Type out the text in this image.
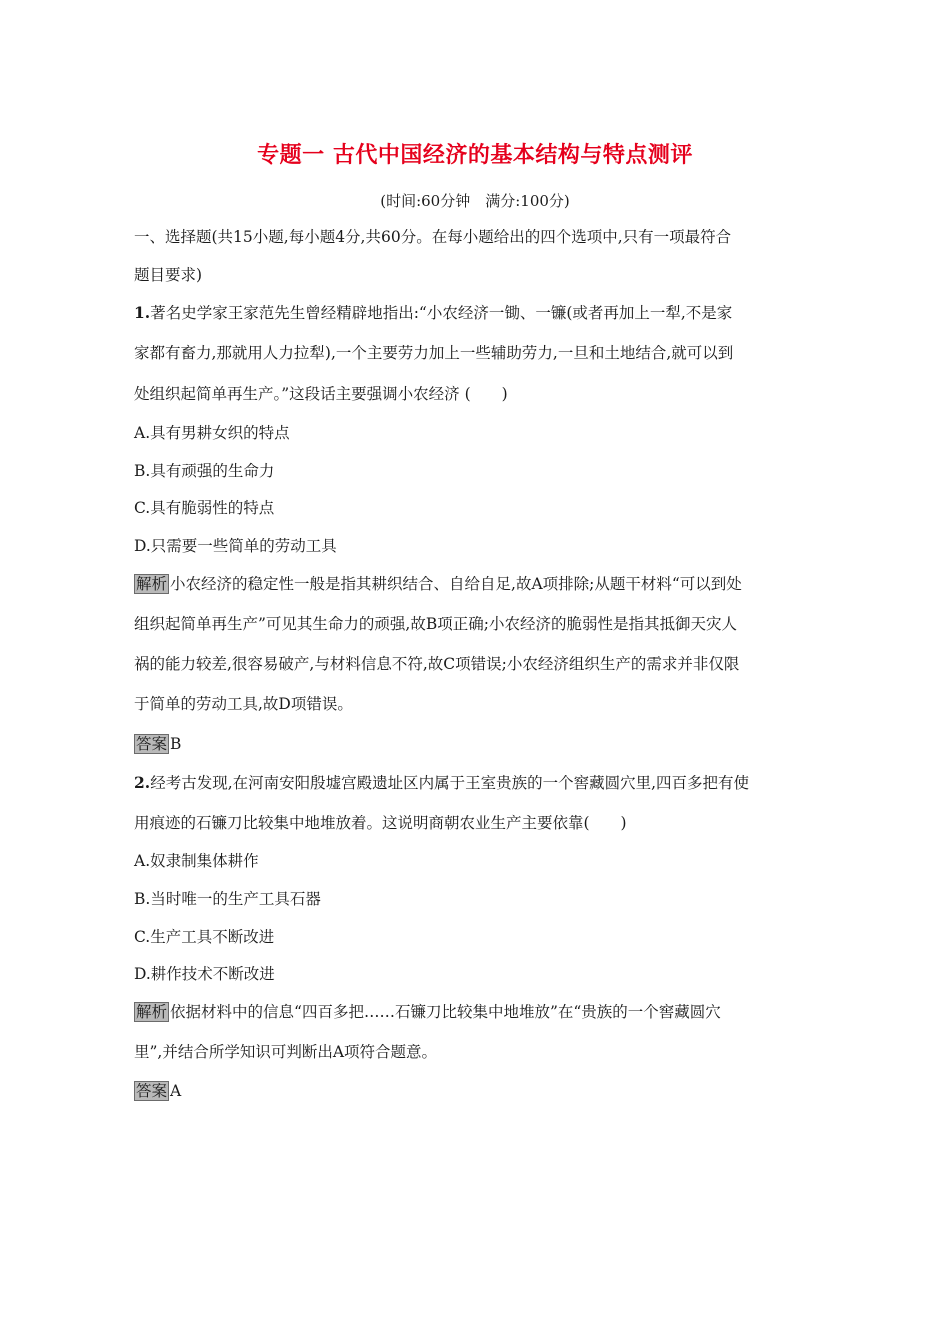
专题一 古代中国经济的基本结构与特点测评
(时间:60分钟　满分:100分)
一、选择题(共15小题,每小题4分,共60分。在每小题给出的四个选项中,只有一项最符合
题目要求)
1.著名史学家王家范先生曾经精辟地指出:“小农经济一锄、一镰(或者再加上一犁,不是家
家都有畜力,那就用人力拉犁),一个主要劳力加上一些辅助劳力,一旦和土地结合,就可以到
处组织起简单再生产。”这段话主要强调小农经济 (　　)
A.具有男耕女织的特点
B.具有顽强的生命力
C.具有脆弱性的特点
D.只需要一些简单的劳动工具
解析 小农经济的稳定性一般是指其耕织结合、自给自足,故A项排除;从题干材料“可以到处
组织起简单再生产”可见其生命力的顽强,故B项正确;小农经济的脆弱性是指其抵御天灾人
祸的能力较差,很容易破产,与材料信息不符,故C项错误;小农经济组织生产的需求并非仅限
于简单的劳动工具,故D项错误。
答案 B
2.经考古发现,在河南安阳殷墟宫殿遗址区内属于王室贵族的一个窖藏圆穴里,四百多把有使
用痕迹的石镰刀比较集中地堆放着。这说明商朝农业生产主要依靠(　　)
A.奴隶制集体耕作
B.当时唯一的生产工具石器
C.生产工具不断改进
D.耕作技术不断改进
解析 依据材料中的信息“四百多把……石镰刀比较集中地堆放”在“贵族的一个窖藏圆穴
里”,并结合所学知识可判断出A项符合题意。
答案 A
